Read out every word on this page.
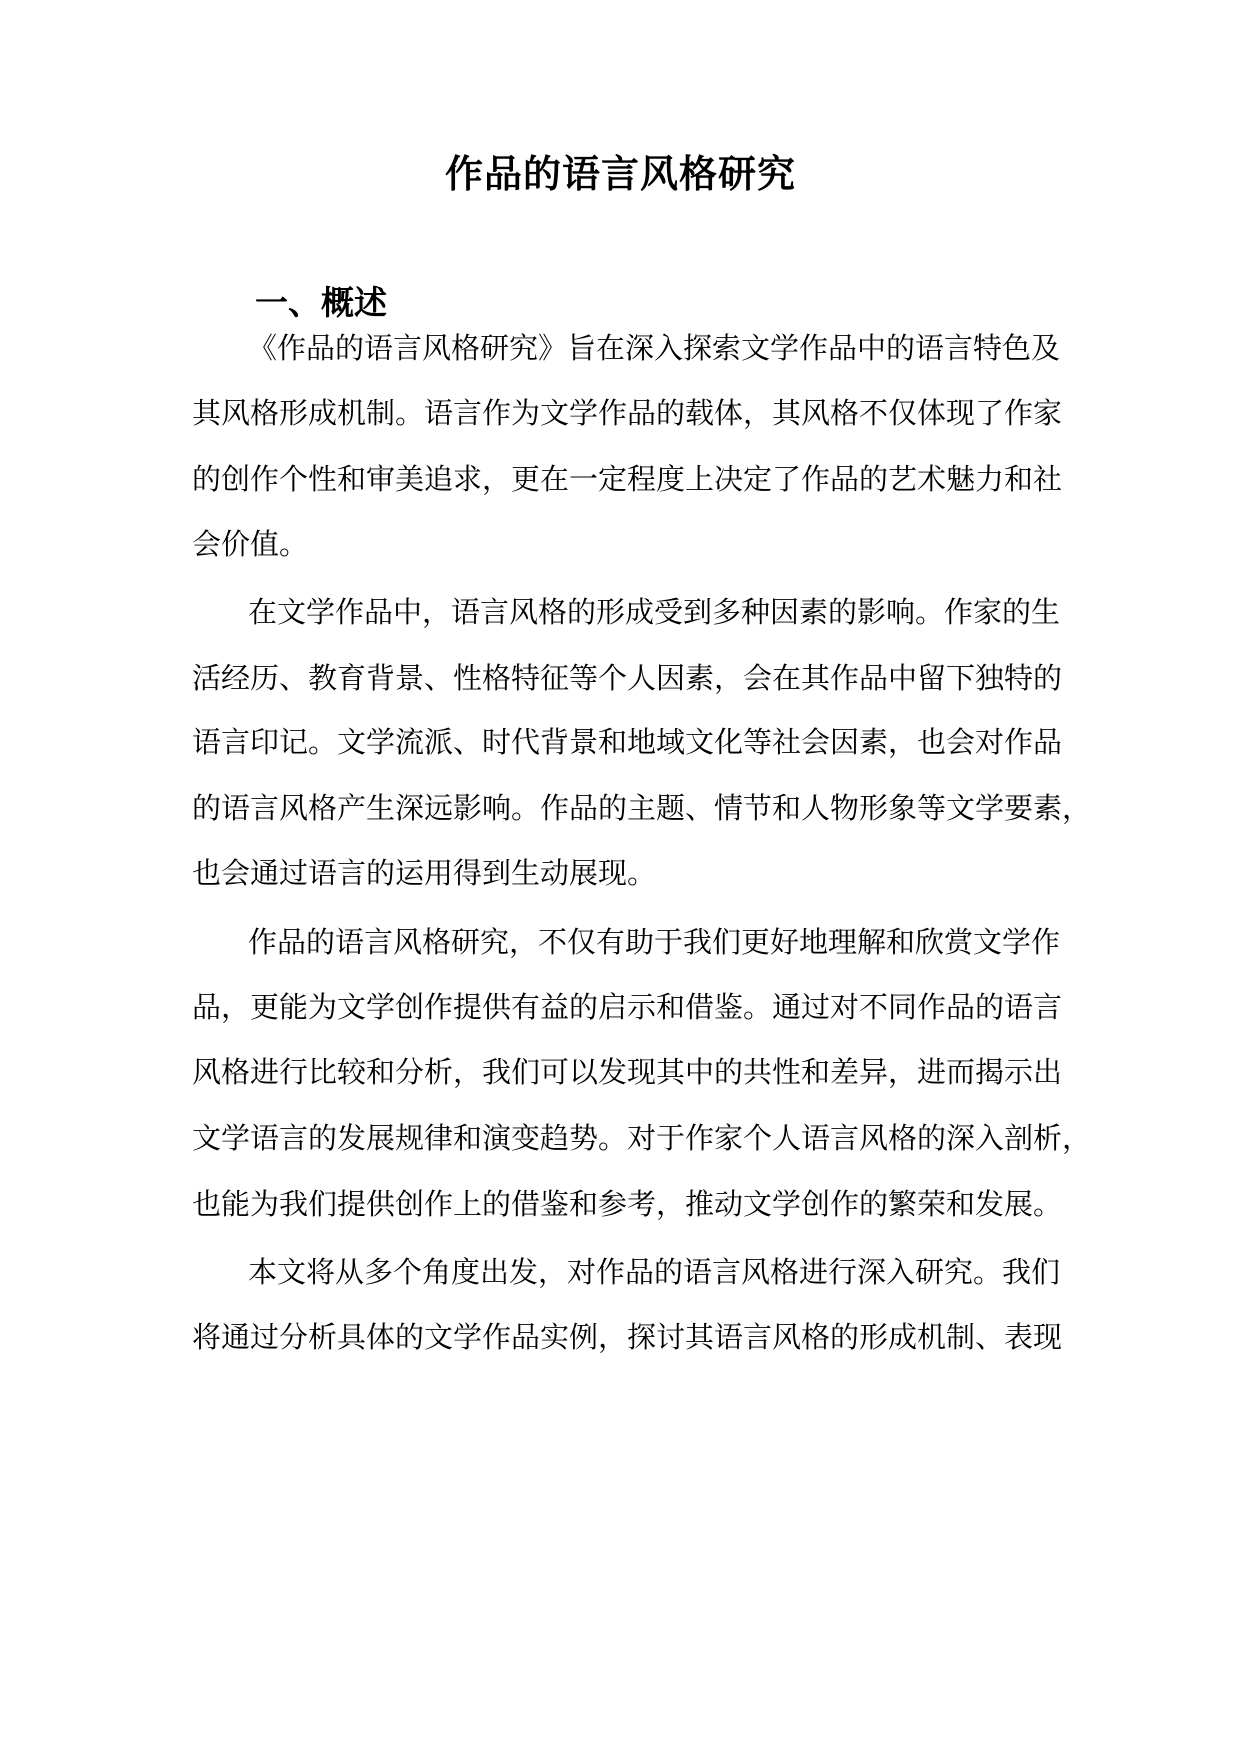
作品的语言风格研究
一、概述
《作品的语言风格研究》旨在深入探索文学作品中的语言特色及
其风格形成机制。语言作为文学作品的载体，其风格不仅体现了作家
的创作个性和审美追求，更在一定程度上决定了作品的艺术魅力和社
会价值。
在文学作品中，语言风格的形成受到多种因素的影响。作家的生
活经历、教育背景、性格特征等个人因素，会在其作品中留下独特的
语言印记。文学流派、时代背景和地域文化等社会因素，也会对作品
的语言风格产生深远影响。作品的主题、情节和人物形象等文学要素，
也会通过语言的运用得到生动展现。
作品的语言风格研究，不仅有助于我们更好地理解和欣赏文学作
品，更能为文学创作提供有益的启示和借鉴。通过对不同作品的语言
风格进行比较和分析，我们可以发现其中的共性和差异，进而揭示出
文学语言的发展规律和演变趋势。对于作家个人语言风格的深入剖析，
也能为我们提供创作上的借鉴和参考，推动文学创作的繁荣和发展。
本文将从多个角度出发，对作品的语言风格进行深入研究。我们
将通过分析具体的文学作品实例，探讨其语言风格的形成机制、表现
